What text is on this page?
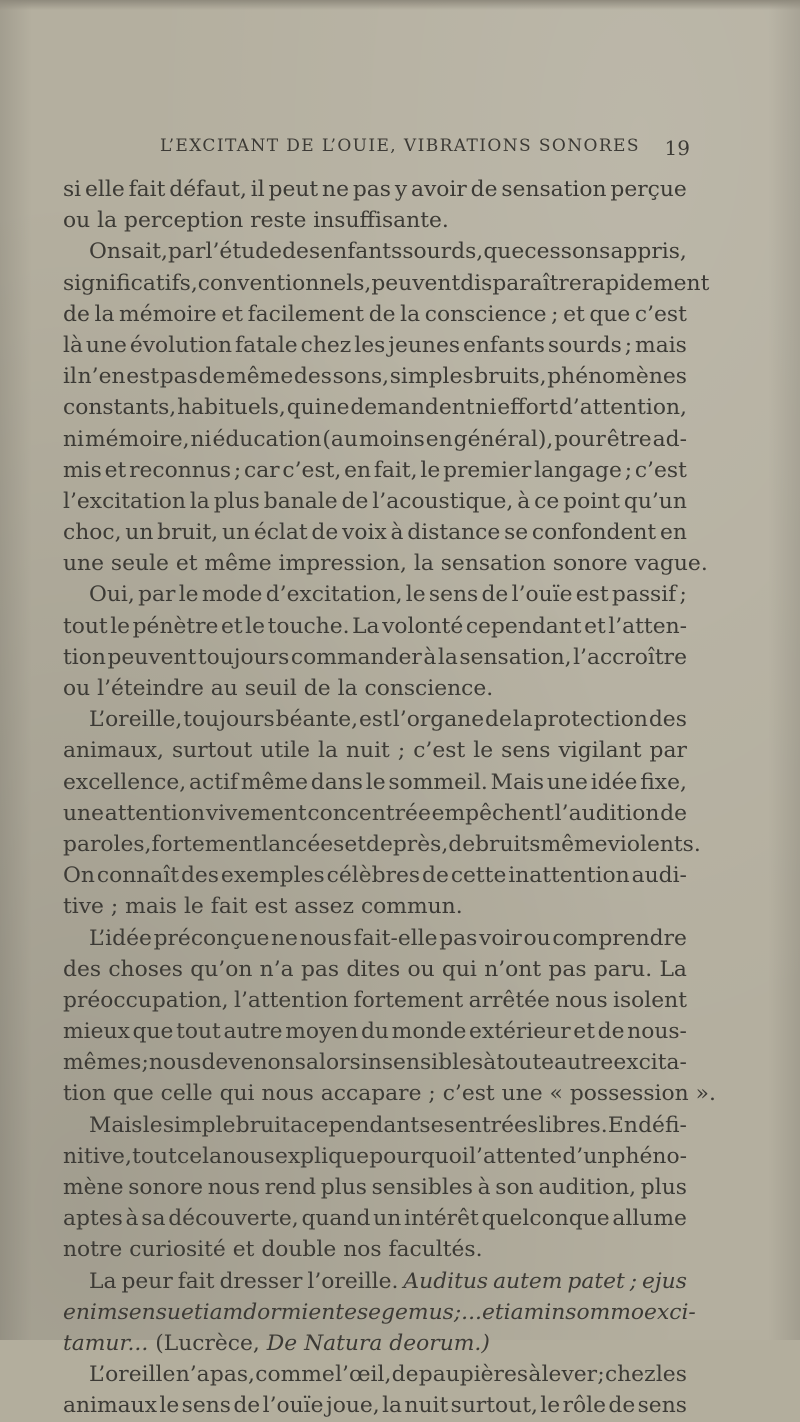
L’EXCITANT DE L’OUIE, VIBRATIONS SONORES 19
si elle fait défaut, il peut ne pas y avoir de sensation perçue
ou
la
perception
reste
insuffisante.
On sait, par l’étude des enfants sourds, que ces sons appris,
significatifs, conventionnels, peuvent disparaître rapidement
de la mémoire et facilement de la conscience ; et que c’est
là une évolution fatale chez les jeunes enfants sourds ; mais
il n’en est pas de même des sons, simples bruits, phénomènes
constants, habituels, qui ne demandent ni effort d’attention,
ni mémoire, ni éducation (au moins en général), pour être ad-
mis et reconnus ; car c’est, en fait, le premier langage ; c’est
l’excitation la plus banale de l’acoustique, à ce point qu’un
choc, un bruit, un éclat de voix à distance se confondent en
une
seule
et
même
impression,
la
sensation
sonore
vague.
Oui, par le mode d’excitation, le sens de l’ouïe est passif ;
tout le pénètre et le touche. La volonté cependant et l’atten-
tion peuvent toujours commander à la sensation, l’accroître
ou
l’éteindre
au
seuil
de
la
conscience.
L’oreille, toujours béante, est l’organe de la protection des
animaux, surtout utile la nuit ; c’est le sens vigilant par
excellence, actif même dans le sommeil. Mais une idée fixe,
une attention vivement concentrée empêchent l’audition de
paroles, fortement lancées et de près, de bruits même violents.
On connaît des exemples célèbres de cette inattention audi-
tive
;
mais
le
fait
est
assez
commun.
L’idée préconçue ne nous fait-elle pas voir ou comprendre
des choses qu’on n’a pas dites ou qui n’ont pas paru. La
préoccupation, l’attention fortement arrêtée nous isolent
mieux que tout autre moyen du monde extérieur et de nous-
mêmes ; nous devenons alors insensibles à toute autre excita-
tion
que
celle
qui
nous
accapare
;
c’est
une
«
possession
».
Mais le simple bruit a cependant ses entrées libres. En défi-
nitive, tout cela nous explique pourquoi l’attente d’un phéno-
mène sonore nous rend plus sensibles à son audition, plus
aptes à sa découverte, quand un intérêt quelconque allume
notre
curiosité
et
double
nos
facultés.
La peur fait dresser l’oreille. Auditus autem patet ; ejus
enim sensu etiam dormientes egemus ;... etiam in sommo exci-
tamur...
(Lucrèce,
De
Natura
deorum.)
L’oreille n’a pas, comme l’œil, de paupières à lever ; chez les
animaux le sens de l’ouïe joue, la nuit surtout, le rôle de sens
